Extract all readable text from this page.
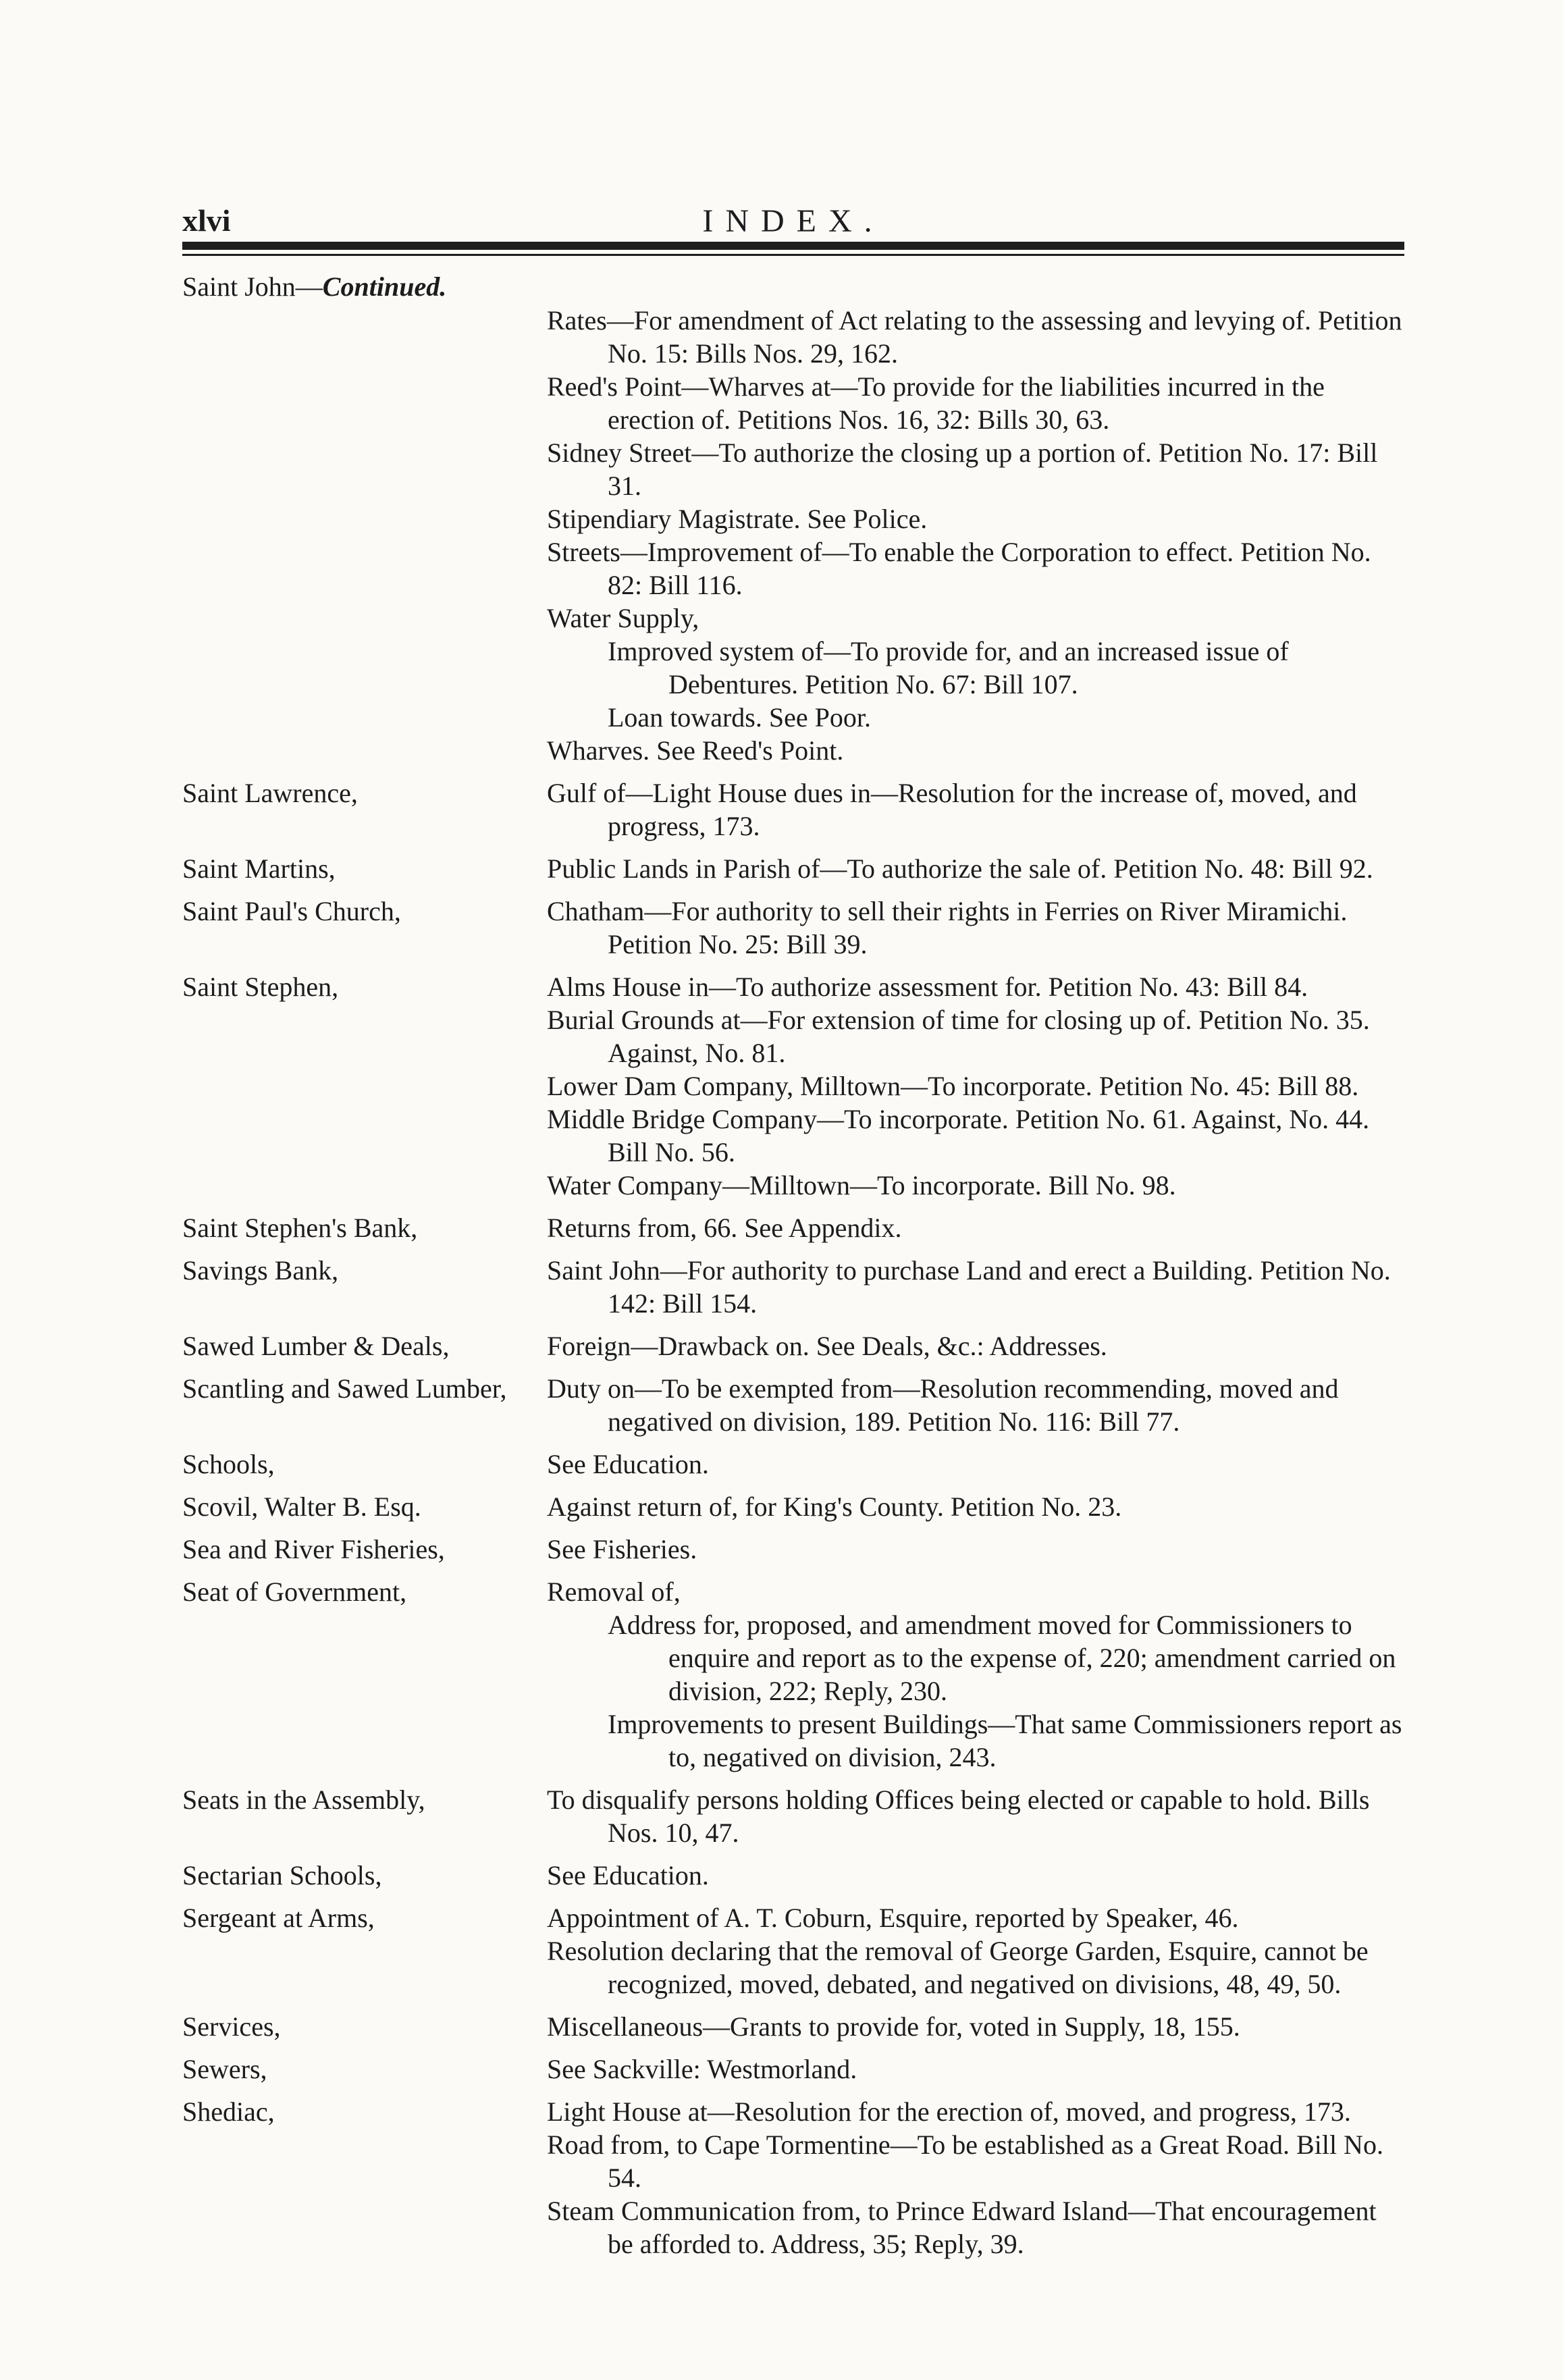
xlvi	INDEX.
Saint John—Continued.
Rates—For amendment of Act relating to the assessing and levying of. Petition No. 15: Bills Nos. 29, 162.
Reed's Point—Wharves at—To provide for the liabilities incurred in the erection of. Petitions Nos. 16, 32: Bills 30, 63.
Sidney Street—To authorize the closing up a portion of. Petition No. 17: Bill 31.
Stipendiary Magistrate. See Police.
Streets—Improvement of—To enable the Corporation to effect. Petition No. 82: Bill 116.
Water Supply,
Improved system of—To provide for, and an increased issue of Debentures. Petition No. 67: Bill 107.
Loan towards. See Poor.
Wharves. See Reed's Point.
Saint Lawrence,	Gulf of—Light House dues in—Resolution for the increase of, moved, and progress, 173.
Saint Martins,	Public Lands in Parish of—To authorize the sale of. Petition No. 48: Bill 92.
Saint Paul's Church,	Chatham—For authority to sell their rights in Ferries on River Miramichi. Petition No. 25: Bill 39.
Saint Stephen,	Alms House in—To authorize assessment for. Petition No. 43: Bill 84.
Burial Grounds at—For extension of time for closing up of. Petition No. 35. Against, No. 81.
Lower Dam Company, Milltown—To incorporate. Petition No. 45: Bill 88.
Middle Bridge Company—To incorporate. Petition No. 61. Against, No. 44. Bill No. 56.
Water Company—Milltown—To incorporate. Bill No. 98.
Saint Stephen's Bank,	Returns from, 66. See Appendix.
Savings Bank,	Saint John—For authority to purchase Land and erect a Building. Petition No. 142: Bill 154.
Sawed Lumber & Deals,	Foreign—Drawback on. See Deals, &c.: Addresses.
Scantling and Sawed Lumber,	Duty on—To be exempted from—Resolution recommending, moved and negatived on division, 189. Petition No. 116: Bill 77.
Schools,	See Education.
Scovil, Walter B. Esq.	Against return of, for King's County. Petition No. 23.
Sea and River Fisheries,	See Fisheries.
Seat of Government,	Removal of,
Address for, proposed, and amendment moved for Commissioners to enquire and report as to the expense of, 220; amendment carried on division, 222; Reply, 230.
Improvements to present Buildings—That same Commissioners report as to, negatived on division, 243.
Seats in the Assembly,	To disqualify persons holding Offices being elected or capable to hold. Bills Nos. 10, 47.
Sectarian Schools,	See Education.
Sergeant at Arms,	Appointment of A. T. Coburn, Esquire, reported by Speaker, 46.
Resolution declaring that the removal of George Garden, Esquire, cannot be recognized, moved, debated, and negatived on divisions, 48, 49, 50.
Services,	Miscellaneous—Grants to provide for, voted in Supply, 18, 155.
Sewers,	See Sackville: Westmorland.
Shediac,	Light House at—Resolution for the erection of, moved, and progress, 173.
Road from, to Cape Tormentine—To be established as a Great Road. Bill No. 54.
Steam Communication from, to Prince Edward Island—That encouragement be afforded to. Address, 35; Reply, 39.
